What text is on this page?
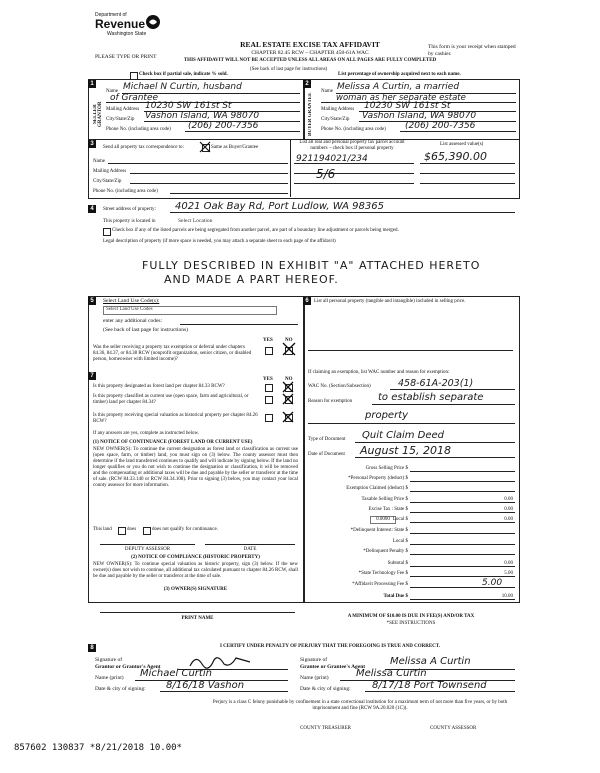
Department of
Revenue
Washington State
PLEASE TYPE OR PRINT
REAL ESTATE EXCISE TAX AFFIDAVIT
CHAPTER 82.45 RCW – CHAPTER 458-61A WAC
THIS AFFIDAVIT WILL NOT BE ACCEPTED UNLESS ALL AREAS ON ALL PAGES ARE FULLY COMPLETED
This form is your receipt when stamped by cashier.
Check box if partial sale, indicate % sold.
(See back of last page for instructions)
List percentage of ownership acquired next to each name.
1	2
SELLER GRANTOR	BUYER GRANTEE
Name Michael N Curtin, husband
of Grantee
Mailing Address 10230 SW 161st St
City/State/Zip Vashon Island, WA 98070
Phone No. (including area code) (206) 200-7356
Name Melissa A Curtin, a married
woman as her separate estate
Mailing Address 10230 SW 161st St
City/State/Zip Vashon Island, WA 98070
Phone No. (including area code) (206) 200-7356
3
Send all property tax correspondence to:	Same as Buyer/Grantee
Name
Mailing Address
City/State/Zip
Phone No. (including area code)
List all real and personal property tax parcel account numbers – check box if personal property
List assessed value(s)
921194021/234	$65,390.00
5/6
4	Street address of property: 4021 Oak Bay Rd, Port Ludlow, WA 98365
This property is located in	Select Location
Check box if any of the listed parcels are being segregated from another parcel, are part of a boundary line adjustment or parcels being merged.
Legal description of property (if more space is needed, you may attach a separate sheet to each page of the affidavit)
FULLY DESCRIBED IN EXHIBIT "A" ATTACHED HERETO
AND MADE A PART HEREOF.
5	Select Land Use Code(s):
Select Land Use Codes
enter any additional codes:
(See back of last page for instructions)
YES NO
Was the seller receiving a property tax exemption or deferral under chapters 84.36, 84.37, or 84.38 RCW (nonprofit organization, senior citizen, or disabled person, homeowner with limited income)?
7
YES NO
Is this property designated as forest land per chapter 84.33 RCW?
Is this property classified as current use (open space, farm and agricultural, or timber) land per chapter 84.34?
Is this property receiving special valuation as historical property per chapter 84.26 RCW?
If any answers are yes, complete as instructed below.
(1) NOTICE OF CONTINUANCE (FOREST LAND OR CURRENT USE)
NEW OWNER(S): To continue the current designation as forest land or classification as current use (open space, farm, or timber) land, you must sign on (3) below. The county assessor must then determine if the land transferred continues to qualify and will indicate by signing below. If the land no longer qualifies or you do not wish to continue the designation or classification, it will be removed and the compensating or additional taxes will be due and payable by the seller or transferor at the time of sale. (RCW 84.33.140 or RCW 84.34.108). Prior to signing (3) below, you may contact your local county assessor for more information.
This land	does	does not qualify for continuance.
DEPUTY ASSESSOR	DATE
(2) NOTICE OF COMPLIANCE (HISTORIC PROPERTY)
NEW OWNER(S): To continue special valuation as historic property, sign (3) below. If the new owner(s) does not wish to continue, all additional tax calculated pursuant to chapter 84.26 RCW, shall be due and payable by the seller or transferor at the time of sale.
(3) OWNER(S) SIGNATURE
PRINT NAME
6	List all personal property (tangible and intangible) included in selling price.
If claiming an exemption, list WAC number and reason for exemption:
WAC No. (Section/Subsection)	458-61A-203(1)
Reason for exemption	to establish separate
property
Type of Document Quit Claim Deed
Date of Document August 15, 2018
Gross Selling Price $
*Personal Property (deduct) $
Exemption Claimed (deduct) $
Taxable Selling Price $	0.00
Excise Tax : State $	0.00
0.0000 Local $	0.00
*Delinquent Interest: State $
Local $
*Delinquent Penalty $
Subtotal $	0.00
*State Technology Fee $	5.00
*Affidavit Processing Fee $	5.00
Total Due $	10.00
A MINIMUM OF $10.00 IS DUE IN FEE(S) AND/OR TAX
*SEE INSTRUCTIONS
8	I CERTIFY UNDER PENALTY OF PERJURY THAT THE FOREGOING IS TRUE AND CORRECT.
Signature of
Grantor or Grantor's Agent
Name (print) Michael Curtin
Date & city of signing: 8/16/18 Vashon
Signature of
Grantee or Grantee's Agent Melissa A Curtin
Name (print)	Melissa Curtin
Date & city of signing: 8/17/18 Port Townsend
Perjury is a class C felony punishable by confinement in a state correctional institution for a maximum term of not more than five years, or by both imprisonment and fine (RCW 9A.20.020 (1C)).
COUNTY TREASURER	COUNTY ASSESSOR
857602 130837 *8/21/2018 10.00*
